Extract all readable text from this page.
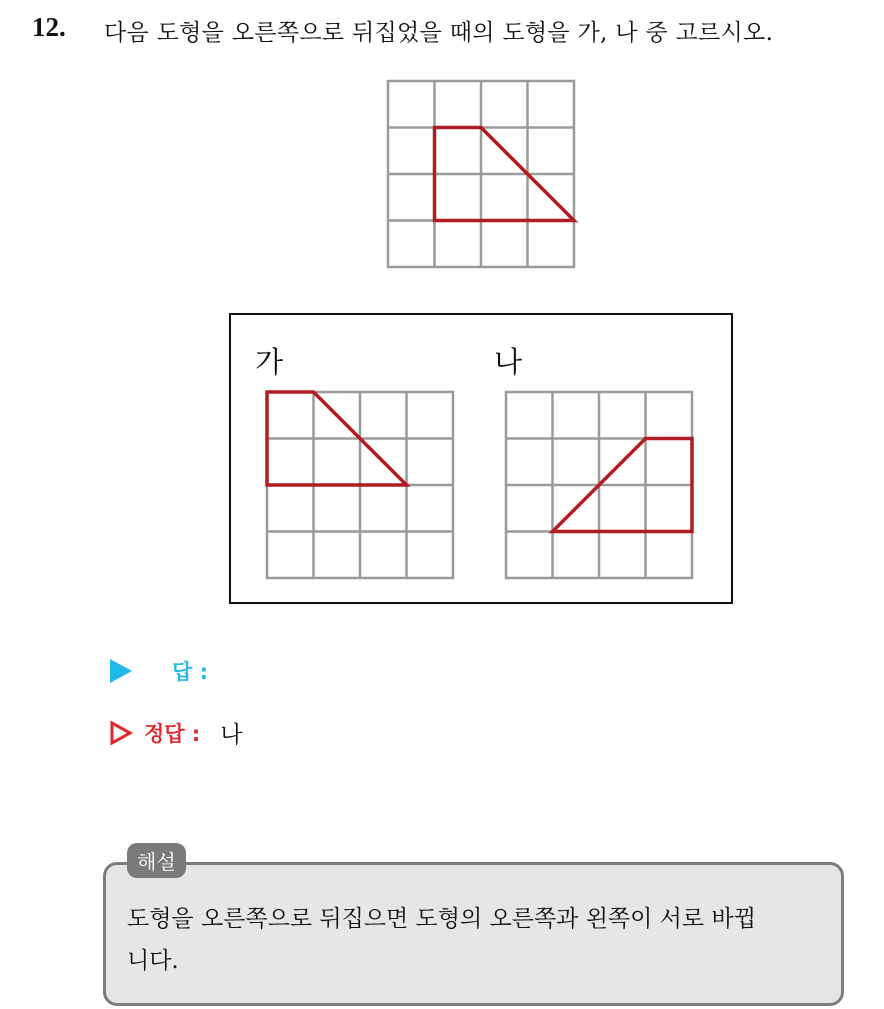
12. 다음 도형을 오른쪽으로 뒤집었을 때의 도형을 가, 나 중 고르시오.
가	나
답 :
정답 : 나
해설
도형을 오른쪽으로 뒤집으면 도형의 오른쪽과 왼쪽이 서로 바뀝
니다.
